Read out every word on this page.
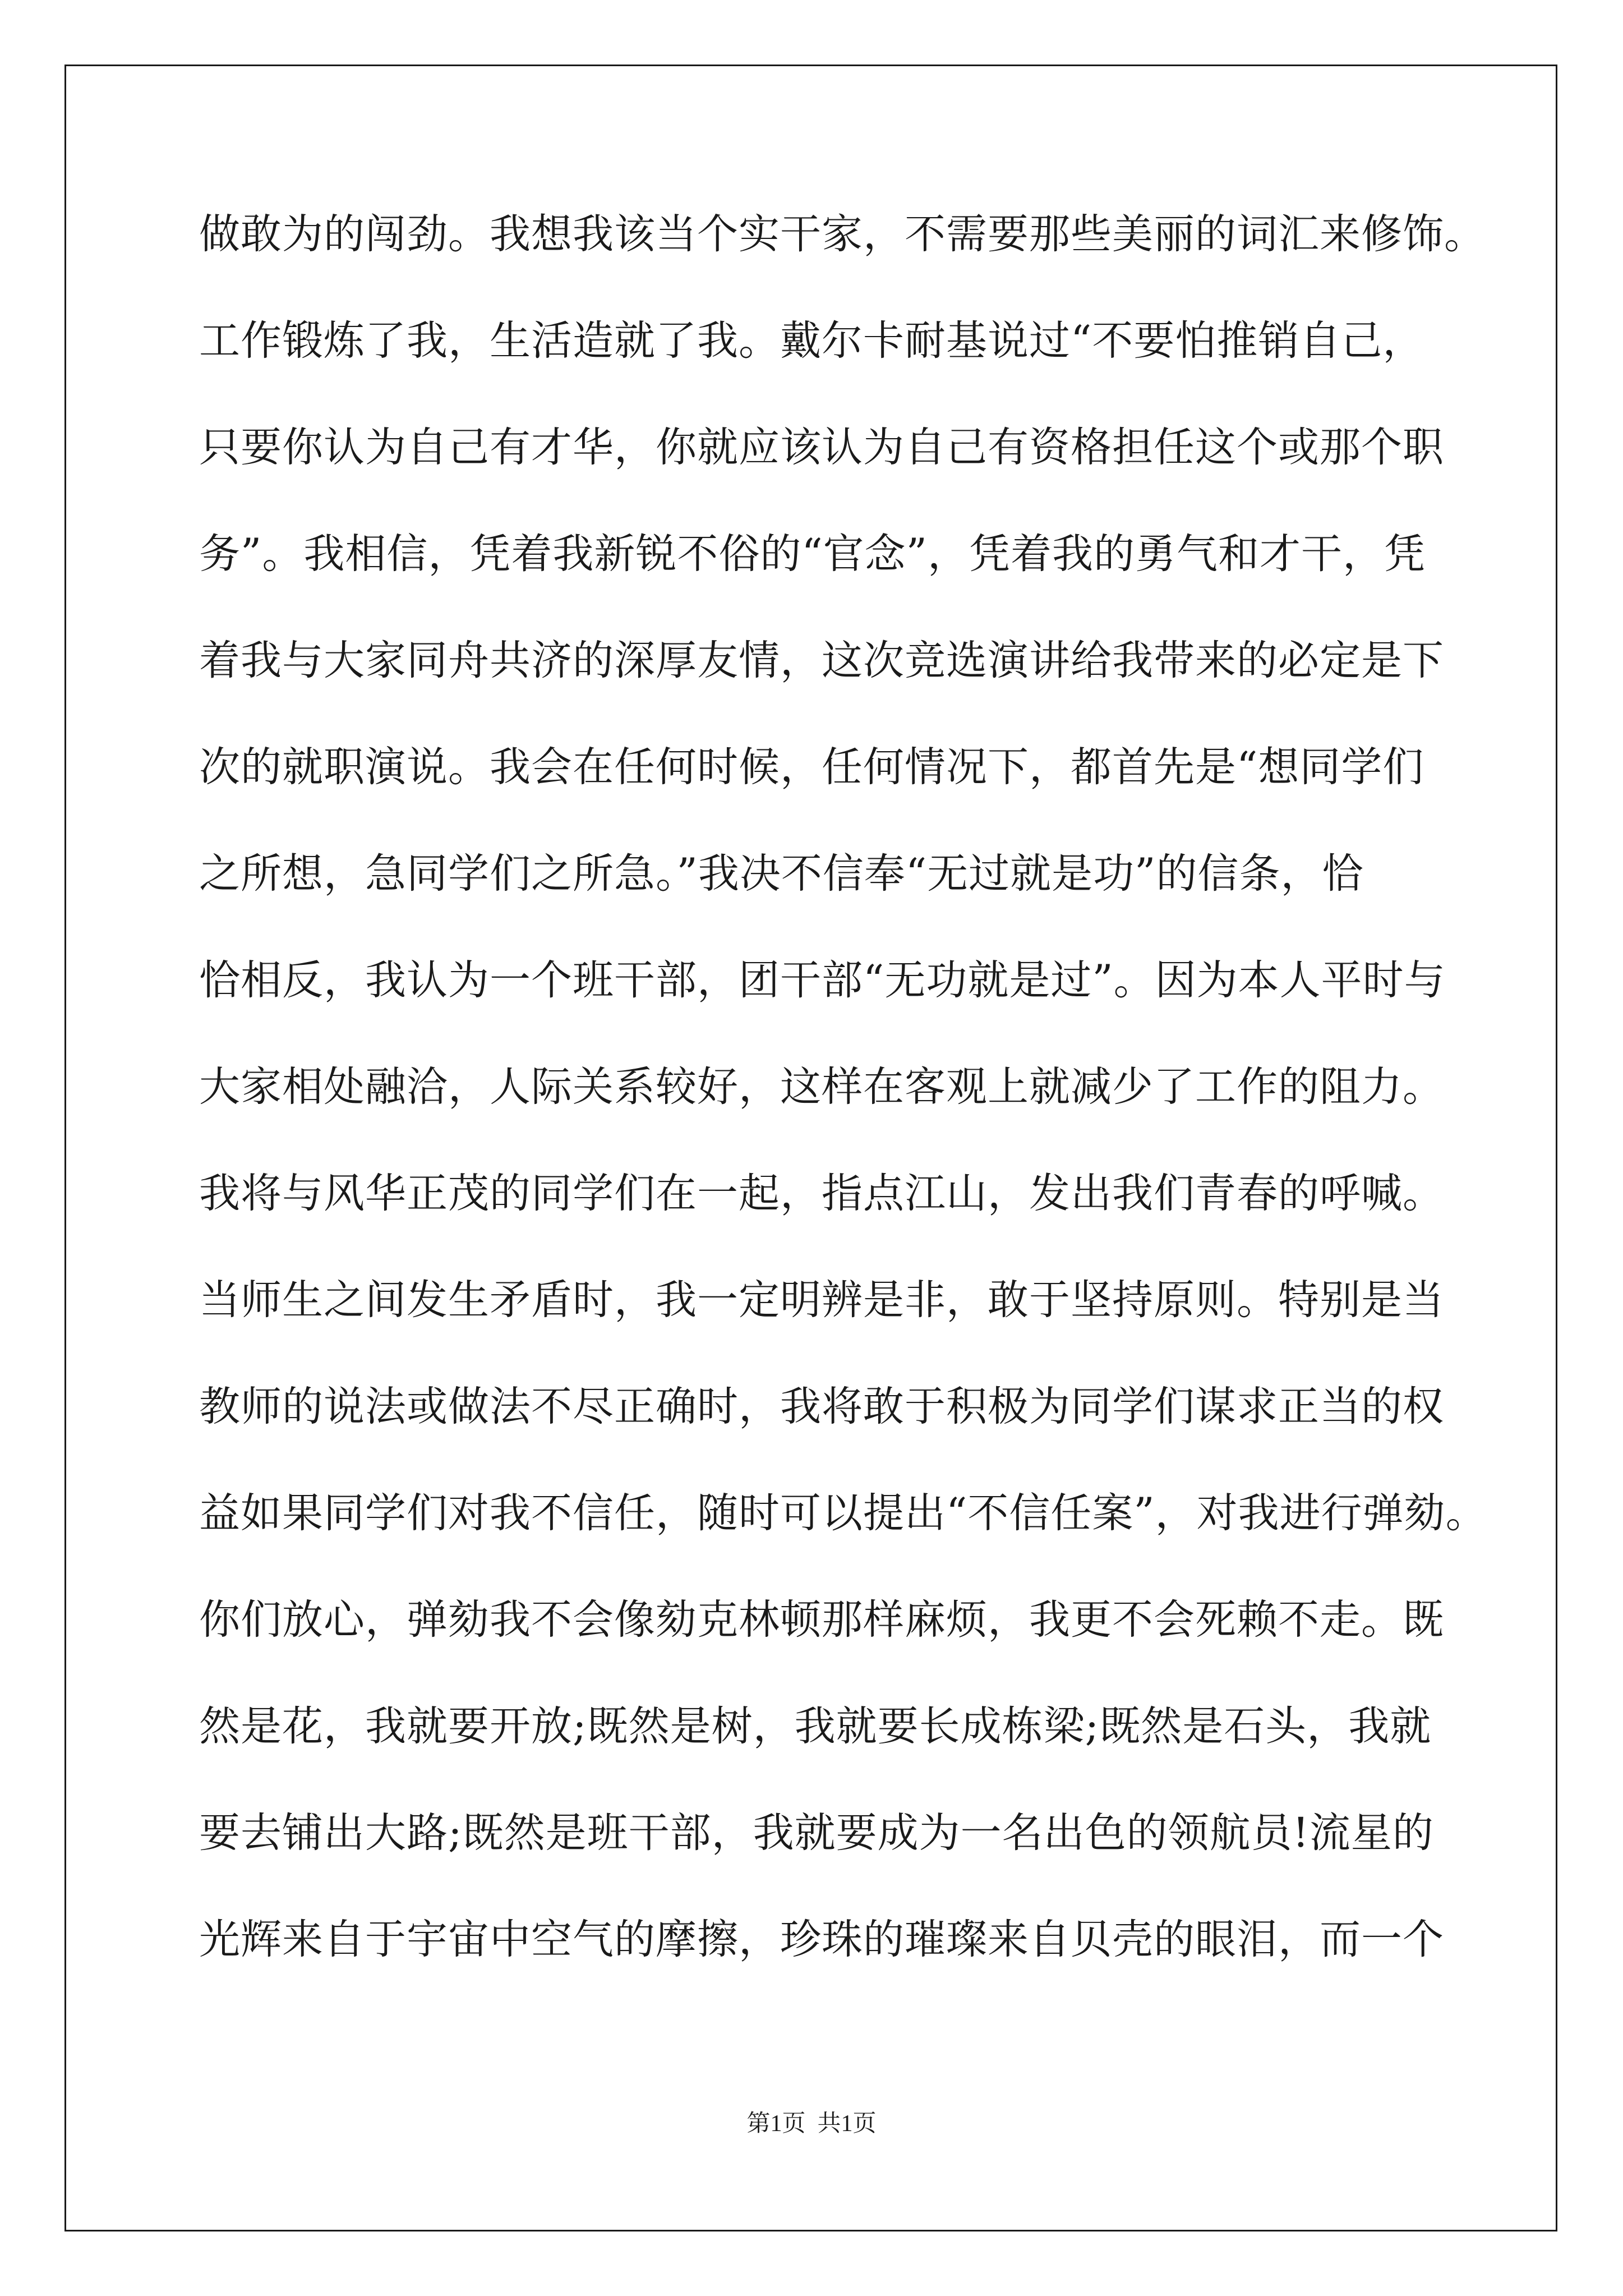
做敢为的闯劲。我想我该当个实干家，不需要那些美丽的词汇来修饰。
工作锻炼了我，生活造就了我。戴尔卡耐基说过“不要怕推销自己，
只要你认为自己有才华，你就应该认为自己有资格担任这个或那个职
务”。我相信，凭着我新锐不俗的“官念”，凭着我的勇气和才干，凭
着我与大家同舟共济的深厚友情，这次竞选演讲给我带来的必定是下
次的就职演说。我会在任何时候，任何情况下，都首先是“想同学们
之所想，急同学们之所急。”我决不信奉“无过就是功”的信条，恰
恰相反，我认为一个班干部，团干部“无功就是过”。因为本人平时与
大家相处融洽，人际关系较好，这样在客观上就减少了工作的阻力。
我将与风华正茂的同学们在一起，指点江山，发出我们青春的呼喊。
当师生之间发生矛盾时，我一定明辨是非，敢于坚持原则。特别是当
教师的说法或做法不尽正确时，我将敢于积极为同学们谋求正当的权
益如果同学们对我不信任，随时可以提出“不信任案”，对我进行弹劾。
你们放心，弹劾我不会像劾克林顿那样麻烦，我更不会死赖不走。既
然是花，我就要开放;既然是树，我就要长成栋梁;既然是石头，我就
要去铺出大路;既然是班干部，我就要成为一名出色的领航员!流星的
光辉来自于宇宙中空气的摩擦，珍珠的璀璨来自贝壳的眼泪，而一个
第1页  共1页
